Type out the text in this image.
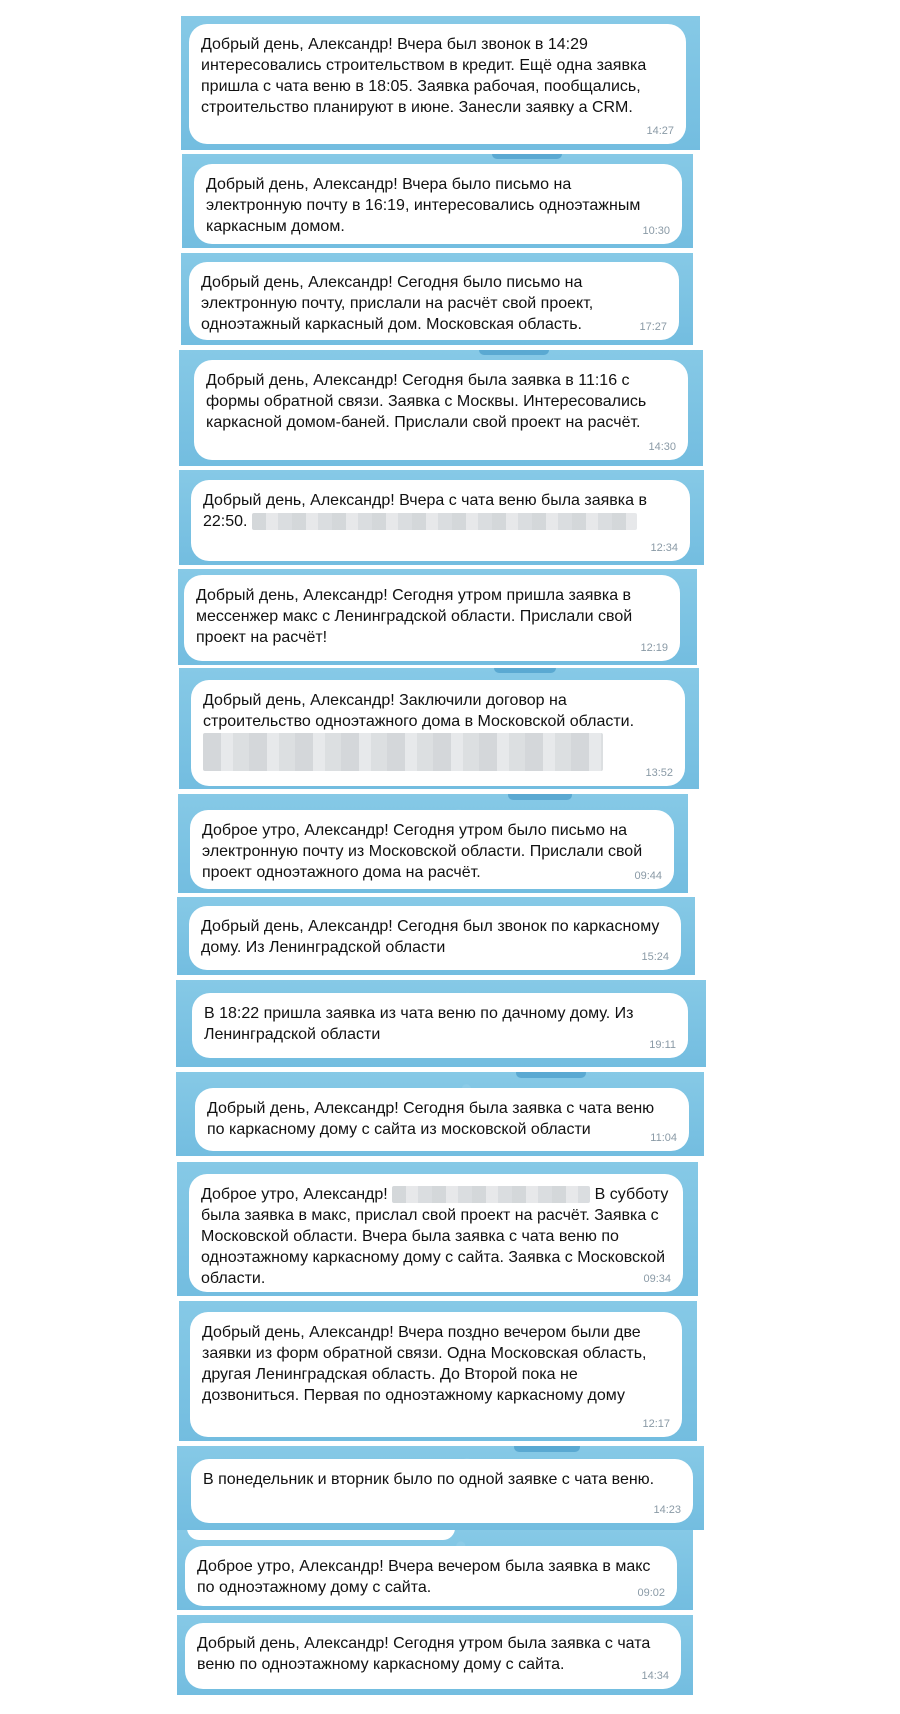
Добрый день, Александр! Вчера был звонок в 14:29 интересовались строительством в кредит. Ещё одна заявка пришла с чата веню в 18:05. Заявка рабочая, пообщались, строительство планируют в июне. Занесли заявку а CRM.

14:27

Добрый день, Александр! Вчера было письмо на электронную почту в 16:19, интересовались одноэтажным каркасным домом.	10:30

Добрый день, Александр! Сегодня было письмо на электронную почту, прислали на расчёт свой проект, одноэтажный каркасный дом. Московская область.	17:27

Добрый день, Александр! Сегодня была заявка в 11:16 с формы обратной связи. Заявка с Москвы. Интересовались каркасной домом-баней. Прислали свой проект на расчёт.

14:30

Добрый день, Александр! Вчера с чата веню была заявка в 22:50.

12:34

Добрый день, Александр! Сегодня утром пришла заявка в мессенжер макс с Ленинградской области. Прислали свой проект на расчёт!

12:19

Добрый день, Александр! Заключили договор на строительство одноэтажного дома в Московской области.

13:52

Доброе утро, Александр! Сегодня утром было письмо на электронную почту из Московской области. Прислали свой проект одноэтажного дома на расчёт.	09:44

Добрый день, Александр! Сегодня был звонок по каркасному дому. Из Ленинградской области

15:24

В 18:22 пришла заявка из чата веню по дачному дому. Из Ленинградской области

19:11

Добрый день, Александр! Сегодня была заявка с чата веню по каркасному дому с сайта из московской области	11:04

Доброе утро, Александр!	В субботу была заявка в макс, прислал свой проект на расчёт. Заявка с Московской области. Вчера была заявка с чата веню по одноэтажному каркасному дому с сайта. Заявка с Московской области.	09:34

Добрый день, Александр! Вчера поздно вечером были две заявки из форм обратной связи. Одна Московская область, другая Ленинградская область. До Второй пока не дозвониться. Первая по одноэтажному каркасному дому

12:17

В понедельник и вторник было по одной заявке с чата веню.

14:23

Доброе утро, Александр! Вчера вечером была заявка в макс по одноэтажному дому с сайта.	09:02

Добрый день, Александр! Сегодня утром была заявка с чата веню по одноэтажному каркасному дому с сайта.

14:34
